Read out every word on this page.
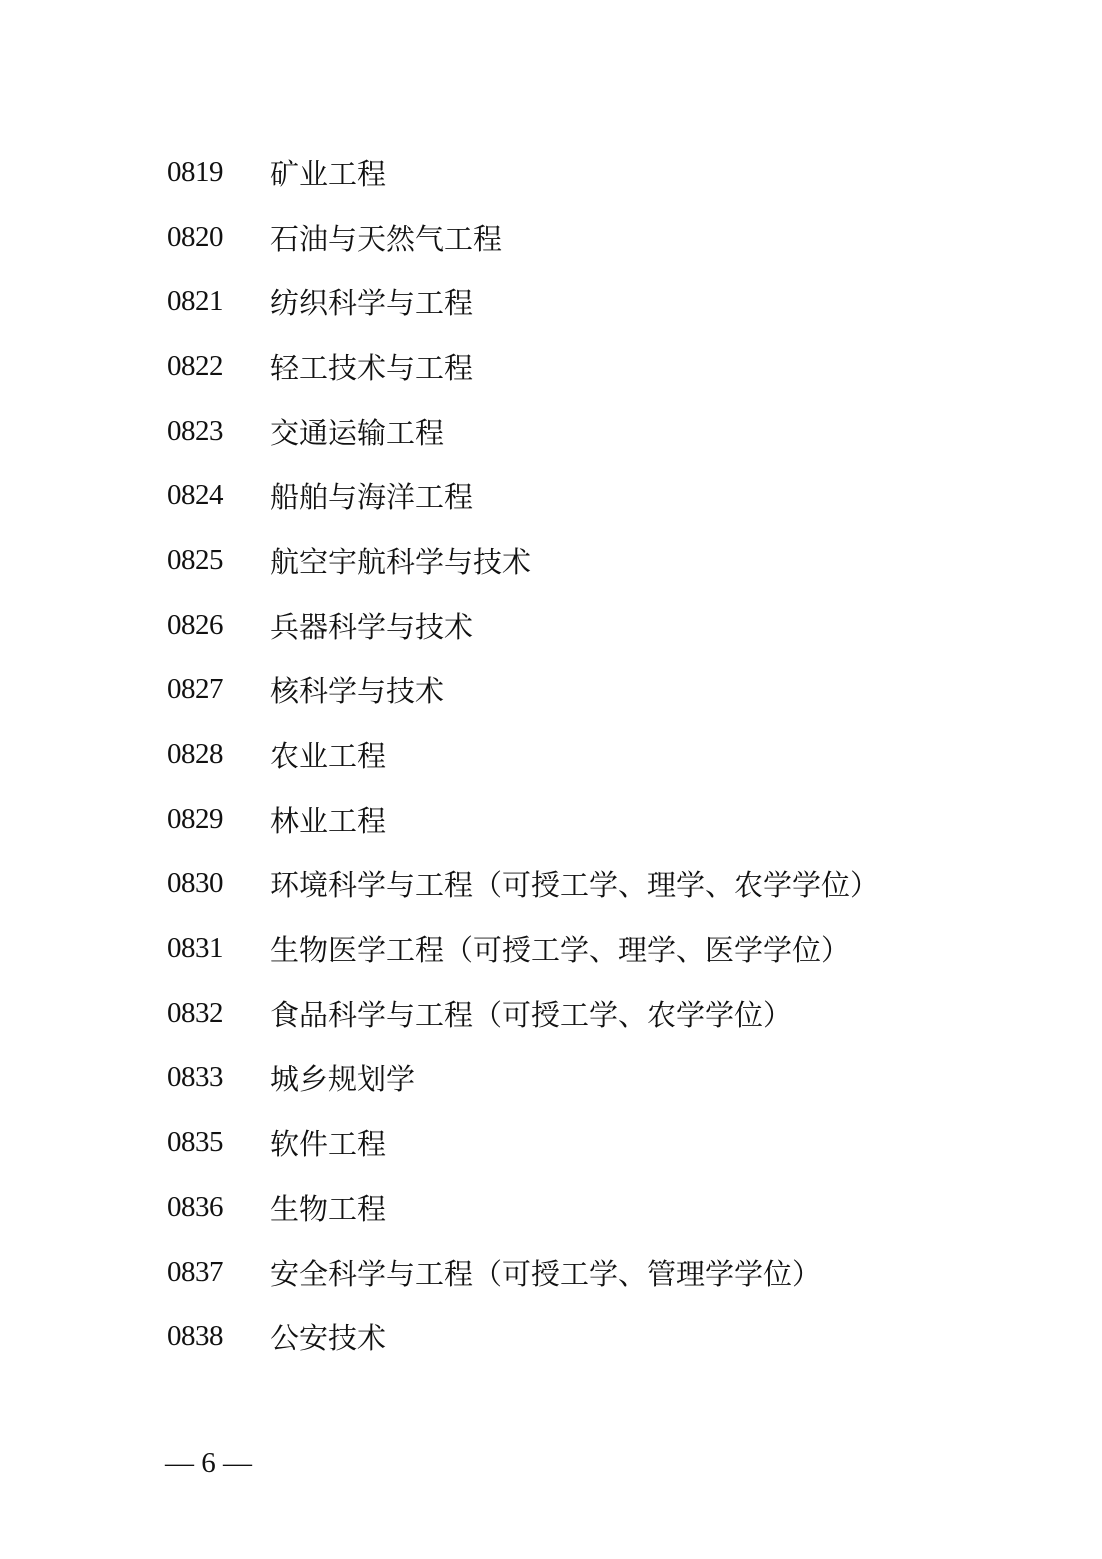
0819	矿业工程
0820	石油与天然气工程
0821	纺织科学与工程
0822	轻工技术与工程
0823	交通运输工程
0824	船舶与海洋工程
0825	航空宇航科学与技术
0826	兵器科学与技术
0827	核科学与技术
0828	农业工程
0829	林业工程
0830	环境科学与工程（可授工学、理学、农学学位）
0831	生物医学工程（可授工学、理学、医学学位）
0832	食品科学与工程（可授工学、农学学位）
0833	城乡规划学
0835	软件工程
0836	生物工程
0837	安全科学与工程（可授工学、管理学学位）
0838	公安技术
— 6 —
